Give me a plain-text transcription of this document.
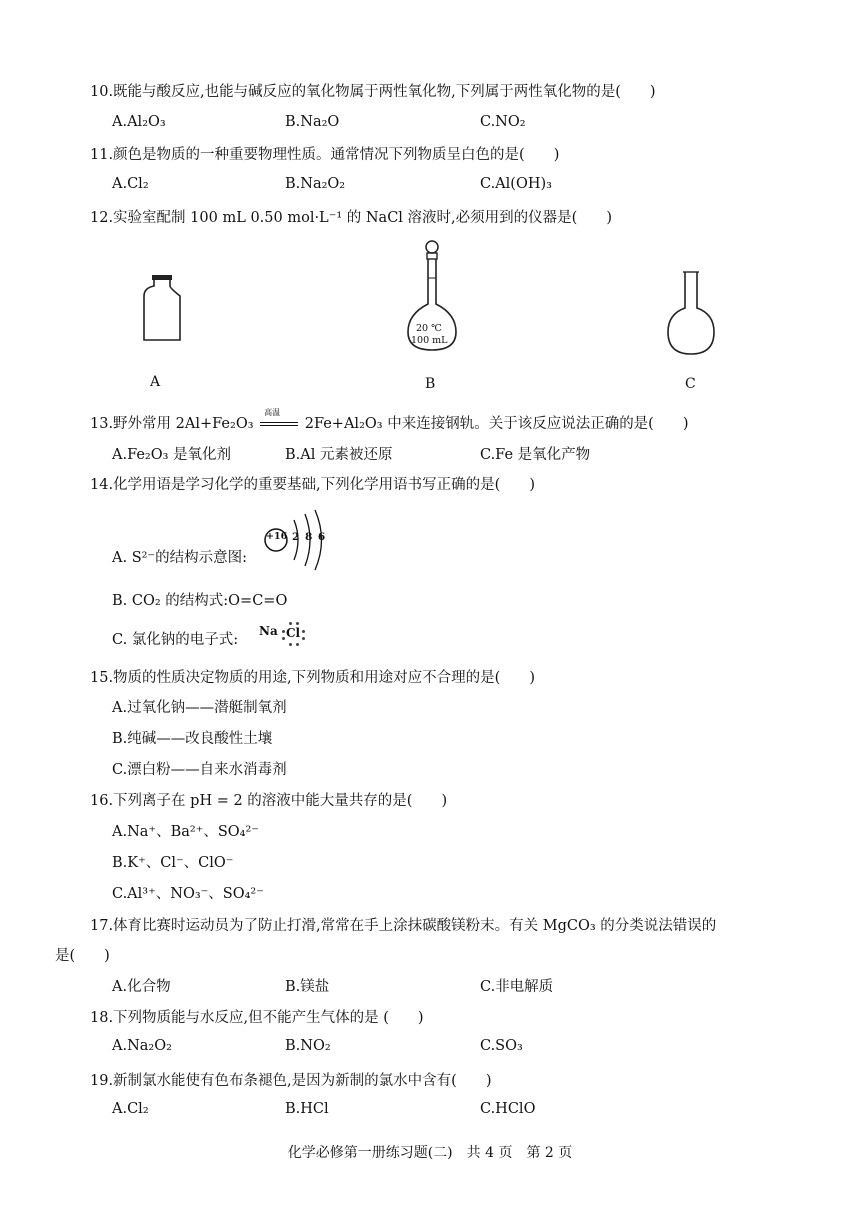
10.既能与酸反应,也能与碱反应的氧化物属于两性氧化物,下列属于两性氧化物的是(　　)
A.Al₂O₃	B.Na₂O	C.NO₂
11.颜色是物质的一种重要物理性质。通常情况下列物质呈白色的是(　　)
A.Cl₂	B.Na₂O₂	C.Al(OH)₃
12.实验室配制 100 mL 0.50 mol·L⁻¹ 的 NaCl 溶液时,必须用到的仪器是(　　)
20 ℃
100 mL
A	B	C
13.野外常用 2Al+Fe₂O₃
高温
2Fe+Al₂O₃ 中来连接钢轨。关于该反应说法正确的是(　　)
A.Fe₂O₃ 是氧化剂	B.Al 元素被还原	C.Fe 是氧化产物
14.化学用语是学习化学的重要基础,下列化学用语书写正确的是(　　)
A. S²⁻的结构示意图:
+16 2 8 6
B. CO₂ 的结构式:O=C=O
C. 氯化钠的电子式:
Na Cl
15.物质的性质决定物质的用途,下列物质和用途对应不合理的是(　　)
A.过氧化钠——潜艇制氧剂
B.纯碱——改良酸性土壤
C.漂白粉——自来水消毒剂
16.下列离子在 pH = 2 的溶液中能大量共存的是(　　)
A.Na⁺、Ba²⁺、SO₄²⁻
B.K⁺、Cl⁻、ClO⁻
C.Al³⁺、NO₃⁻、SO₄²⁻
17.体育比赛时运动员为了防止打滑,常常在手上涂抹碳酸镁粉末。有关 MgCO₃ 的分类说法错误的
是(　　)
A.化合物	B.镁盐	C.非电解质
18.下列物质能与水反应,但不能产生气体的是 (　　)
A.Na₂O₂	B.NO₂	C.SO₃
19.新制氯水能使有色布条褪色,是因为新制的氯水中含有(　　)
A.Cl₂	B.HCl	C.HClO
化学必修第一册练习题(二)　共 4 页　第 2 页
